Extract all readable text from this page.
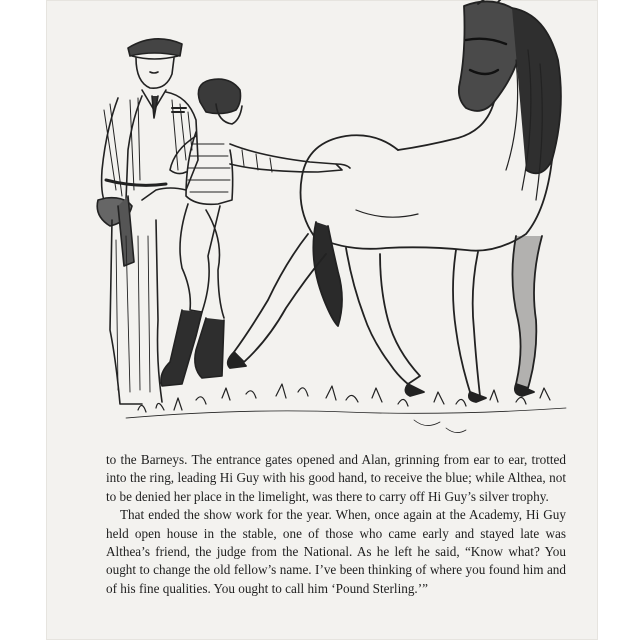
to the Barneys. The entrance gates opened and Alan, grinning from ear to ear, trotted into the ring, leading Hi Guy with his good hand, to receive the blue; while Althea, not to be denied her place in the limelight, was there to carry off Hi Guy’s silver trophy.

That ended the show work for the year. When, once again at the Academy, Hi Guy held open house in the stable, one of those who came early and stayed late was Althea’s friend, the judge from the National. As he left he said, “Know what? You ought to change the old fellow’s name. I’ve been thinking of where you found him and of his fine qualities. You ought to call him ‘Pound Sterling.’”
